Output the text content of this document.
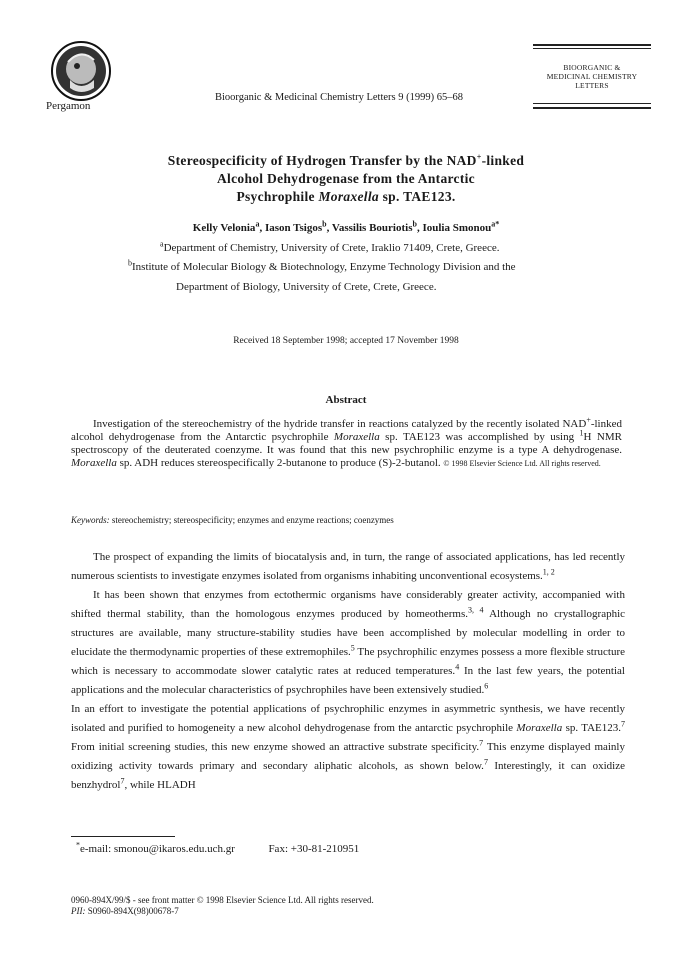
Pergamon
Bioorganic & Medicinal Chemistry Letters 9 (1999) 65–68
BIOORGANIC &
MEDICINAL CHEMISTRY
LETTERS
Stereospecificity of Hydrogen Transfer by the NAD+-linked
Alcohol Dehydrogenase from the Antarctic
Psychrophile Moraxella sp. TAE123.
Kelly Velonia$^a$, Iason Tsigos$^b$, Vassilis Bouriotis$^b$, Ioulia Smonou$^{a*}$
$^a$Department of Chemistry, University of Crete, Iraklio 71409, Crete, Greece.
$^b$Institute of Molecular Biology & Biotechnology, Enzyme Technology Division and the
Department of Biology, University of Crete, Crete, Greece.
Received 18 September 1998; accepted 17 November 1998
Abstract
Investigation of the stereochemistry of the hydride transfer in reactions catalyzed by the recently isolated NAD+-linked alcohol dehydrogenase from the Antarctic psychrophile Moraxella sp. TAE123 was accomplished by using $^1$H NMR spectroscopy of the deuterated coenzyme. It was found that this new psychrophilic enzyme is a type A dehydrogenase. Moraxella sp. ADH reduces stereospecifically 2-butanone to produce (S)-2-butanol. © 1998 Elsevier Science Ltd. All rights reserved.
Keywords: stereochemistry; stereospecificity; enzymes and enzyme reactions; coenzymes

The prospect of expanding the limits of biocatalysis and, in turn, the range of associated applications, has led recently numerous scientists to investigate enzymes isolated from organisms inhabiting unconventional ecosystems.$^{1, 2}$

It has been shown that enzymes from ectothermic organisms have considerably greater activity, accompanied with shifted thermal stability, than the homologous enzymes produced by homeotherms.$^{3, 4}$ Although no crystallographic structures are available, many structure-stability studies have been accomplished by molecular modelling in order to elucidate the thermodynamic properties of these extremophiles.$^5$ The psychrophilic enzymes possess a more flexible structure which is necessary to accommodate slower catalytic rates at reduced temperatures.$^4$ In the last few years, the potential applications and the molecular characteristics of psychrophiles have been extensively studied.$^6$

In an effort to investigate the potential applications of psychrophilic enzymes in asymmetric synthesis, we have recently isolated and purified to homogeneity a new alcohol dehydrogenase from the antarctic psychrophile Moraxella sp. TAE123.$^7$ From initial screening studies, this new enzyme showed an attractive substrate specificity.$^7$ This enzyme displayed mainly oxidizing activity towards primary and secondary aliphatic alcohols, as shown below.$^7$ Interestingly, it can oxidize benzhydrol$^7$, while HLADH

*e-mail: smonou@ikaros.edu.uch.gr	Fax: +30-81-210951
0960-894X/99/$ - see front matter © 1998 Elsevier Science Ltd. All rights reserved.
PII: S0960-894X(98)00678-7
